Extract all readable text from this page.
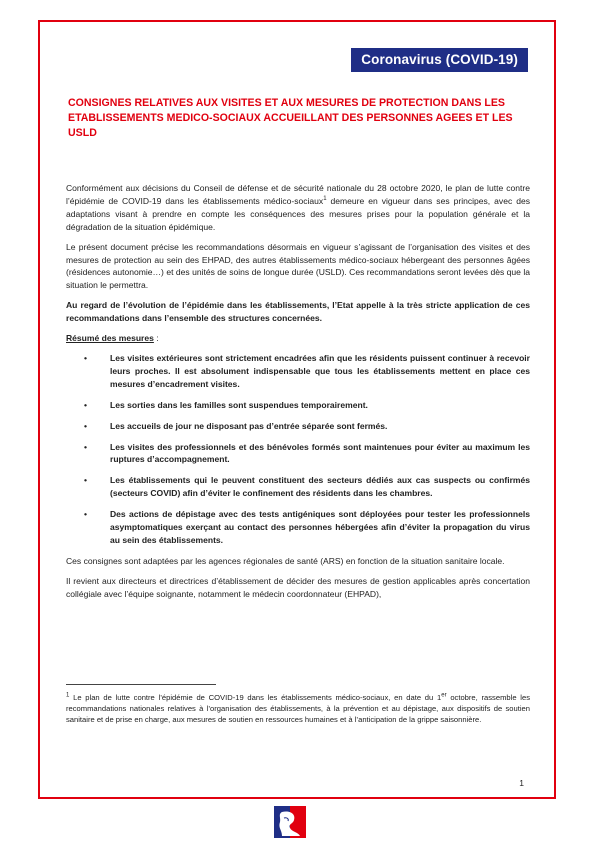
Coronavirus (COVID-19)
CONSIGNES RELATIVES AUX VISITES ET AUX MESURES DE PROTECTION DANS LES ETABLISSEMENTS MEDICO-SOCIAUX ACCUEILLANT DES PERSONNES AGEES ET LES USLD

Conformément aux décisions du Conseil de défense et de sécurité nationale du 28 octobre 2020, le plan de lutte contre l’épidémie de COVID-19 dans les établissements médico-sociaux$^1$ demeure en vigueur dans ses principes, avec des adaptations visant à prendre en compte les conséquences des mesures prises pour la population générale et la dégradation de la situation épidémique.

Le présent document précise les recommandations désormais en vigueur s’agissant de l’organisation des visites et des mesures de protection au sein des EHPAD, des autres établissements médico-sociaux hébergeant des personnes âgées (résidences autonomie…) et des unités de soins de longue durée (USLD). Ces recommandations seront levées dès que la situation le permettra.

Au regard de l’évolution de l’épidémie dans les établissements, l’Etat appelle à la très stricte application de ces recommandations dans l’ensemble des structures concernées.

Résumé des mesures :
• Les visites extérieures sont strictement encadrées afin que les résidents puissent continuer à recevoir leurs proches. Il est absolument indispensable que tous les établissements mettent en place ces mesures d’encadrement visites.
• Les sorties dans les familles sont suspendues temporairement.
• Les accueils de jour ne disposant pas d’entrée séparée sont fermés.
• Les visites des professionnels et des bénévoles formés sont maintenues pour éviter au maximum les ruptures d’accompagnement.
• Les établissements qui le peuvent constituent des secteurs dédiés aux cas suspects ou confirmés (secteurs COVID) afin d’éviter le confinement des résidents dans les chambres.
• Des actions de dépistage avec des tests antigéniques sont déployées pour tester les professionnels asymptomatiques exerçant au contact des personnes hébergées afin d’éviter la propagation du virus au sein des établissements.

Ces consignes sont adaptées par les agences régionales de santé (ARS) en fonction de la situation sanitaire locale.

Il revient aux directeurs et directrices d’établissement de décider des mesures de gestion applicables après concertation collégiale avec l’équipe soignante, notamment le médecin coordonnateur (EHPAD),

$^1$ Le plan de lutte contre l’épidémie de COVID-19 dans les établissements médico-sociaux, en date du 1er octobre, rassemble les recommandations nationales relatives à l’organisation des établissements, à la prévention et au dépistage, aux dispositifs de soutien sanitaire et de prise en charge, aux mesures de soutien en ressources humaines et à l’anticipation de la grippe saisonnière.
1
